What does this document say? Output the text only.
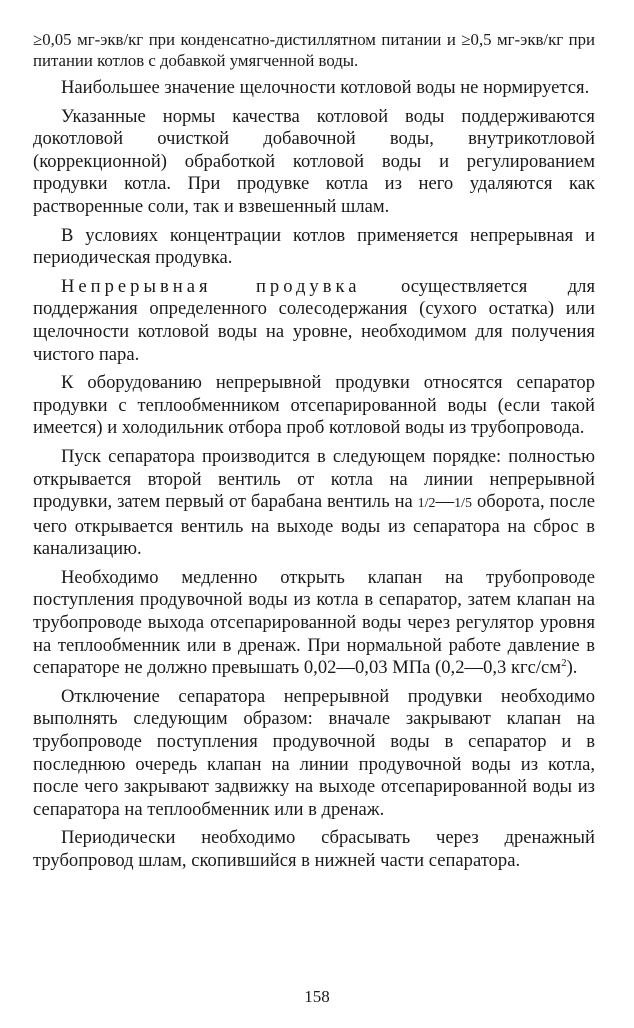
≥0,05 мг-экв/кг при конденсатно-дистиллятном питании и ≥0,5 мг-экв/кг при питании котлов с добавкой умягченной воды.

Наибольшее значение щелочности котловой воды не нормируется.

Указанные нормы качества котловой воды поддерживаются докотловой очисткой добавочной воды, внутрикотловой (коррекционной) обработкой котловой воды и регулированием продувки котла. При продувке котла из него удаляются как растворенные соли, так и взвешенный шлам.

В условиях концентрации котлов применяется непрерывная и периодическая продувка.

Непрерывная продувка осуществляется для поддержания определенного солесодержания (сухого остатка) или щелочности котловой воды на уровне, необходимом для получения чистого пара.

К оборудованию непрерывной продувки относятся сепаратор продувки с теплообменником отсепарированной воды (если такой имеется) и холодильник отбора проб котловой воды из трубопровода.

Пуск сепаратора производится в следующем порядке: полностью открывается второй вентиль от котла на линии непрерывной продувки, затем первый от барабана вентиль на 1/2—1/5 оборота, после чего открывается вентиль на выходе воды из сепаратора на сброс в канализацию.

Необходимо медленно открыть клапан на трубопроводе поступления продувочной воды из котла в сепаратор, затем клапан на трубопроводе выхода отсепарированной воды через регулятор уровня на теплообменник или в дренаж. При нормальной работе давление в сепараторе не должно превышать 0,02—0,03 МПа (0,2—0,3 кгс/$см^2$).

Отключение сепаратора непрерывной продувки необходимо выполнять следующим образом: вначале закрывают клапан на трубопроводе поступления продувочной воды в сепаратор и в последнюю очередь клапан на линии продувочной воды из котла, после чего закрывают задвижку на выходе отсепарированной воды из сепаратора на теплообменник или в дренаж.

Периодически необходимо сбрасывать через дренажный трубопровод шлам, скопившийся в нижней части сепаратора.

158
